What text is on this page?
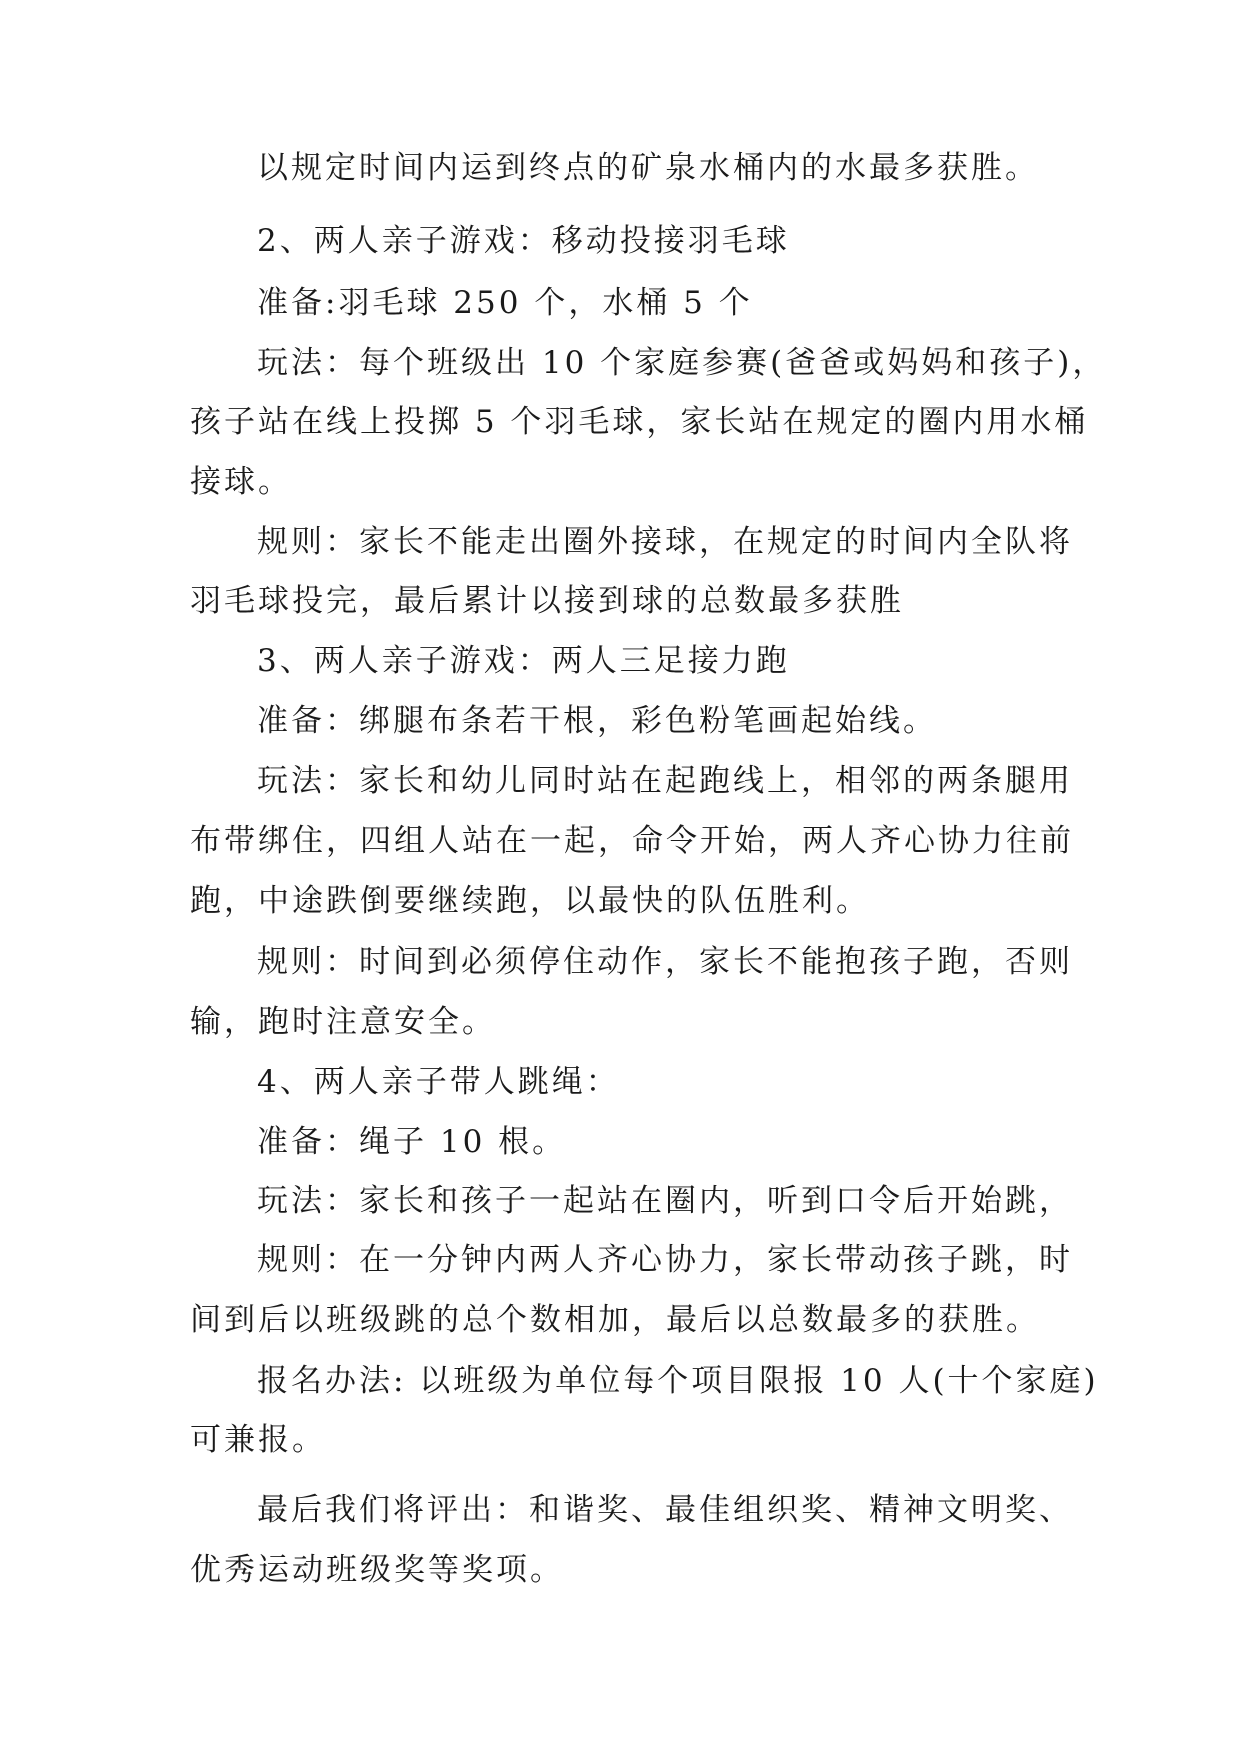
以规定时间内运到终点的矿泉水桶内的水最多获胜。
2、两人亲子游戏：移动投接羽毛球
准备:羽毛球 250 个，水桶 5 个
玩法：每个班级出 10 个家庭参赛(爸爸或妈妈和孩子)，
孩子站在线上投掷 5 个羽毛球，家长站在规定的圈内用水桶
接球。
规则：家长不能走出圈外接球，在规定的时间内全队将
羽毛球投完，最后累计以接到球的总数最多获胜
3、两人亲子游戏：两人三足接力跑
准备：绑腿布条若干根，彩色粉笔画起始线。
玩法：家长和幼儿同时站在起跑线上，相邻的两条腿用
布带绑住，四组人站在一起，命令开始，两人齐心协力往前
跑，中途跌倒要继续跑，以最快的队伍胜利。
规则：时间到必须停住动作，家长不能抱孩子跑，否则
输，跑时注意安全。
4、两人亲子带人跳绳：
准备：绳子 10 根。
玩法：家长和孩子一起站在圈内，听到口令后开始跳，
规则：在一分钟内两人齐心协力，家长带动孩子跳，时
间到后以班级跳的总个数相加，最后以总数最多的获胜。
报名办法: 以班级为单位每个项目限报 10 人(十个家庭)
可兼报。
最后我们将评出：和谐奖、最佳组织奖、精神文明奖、
优秀运动班级奖等奖项。
